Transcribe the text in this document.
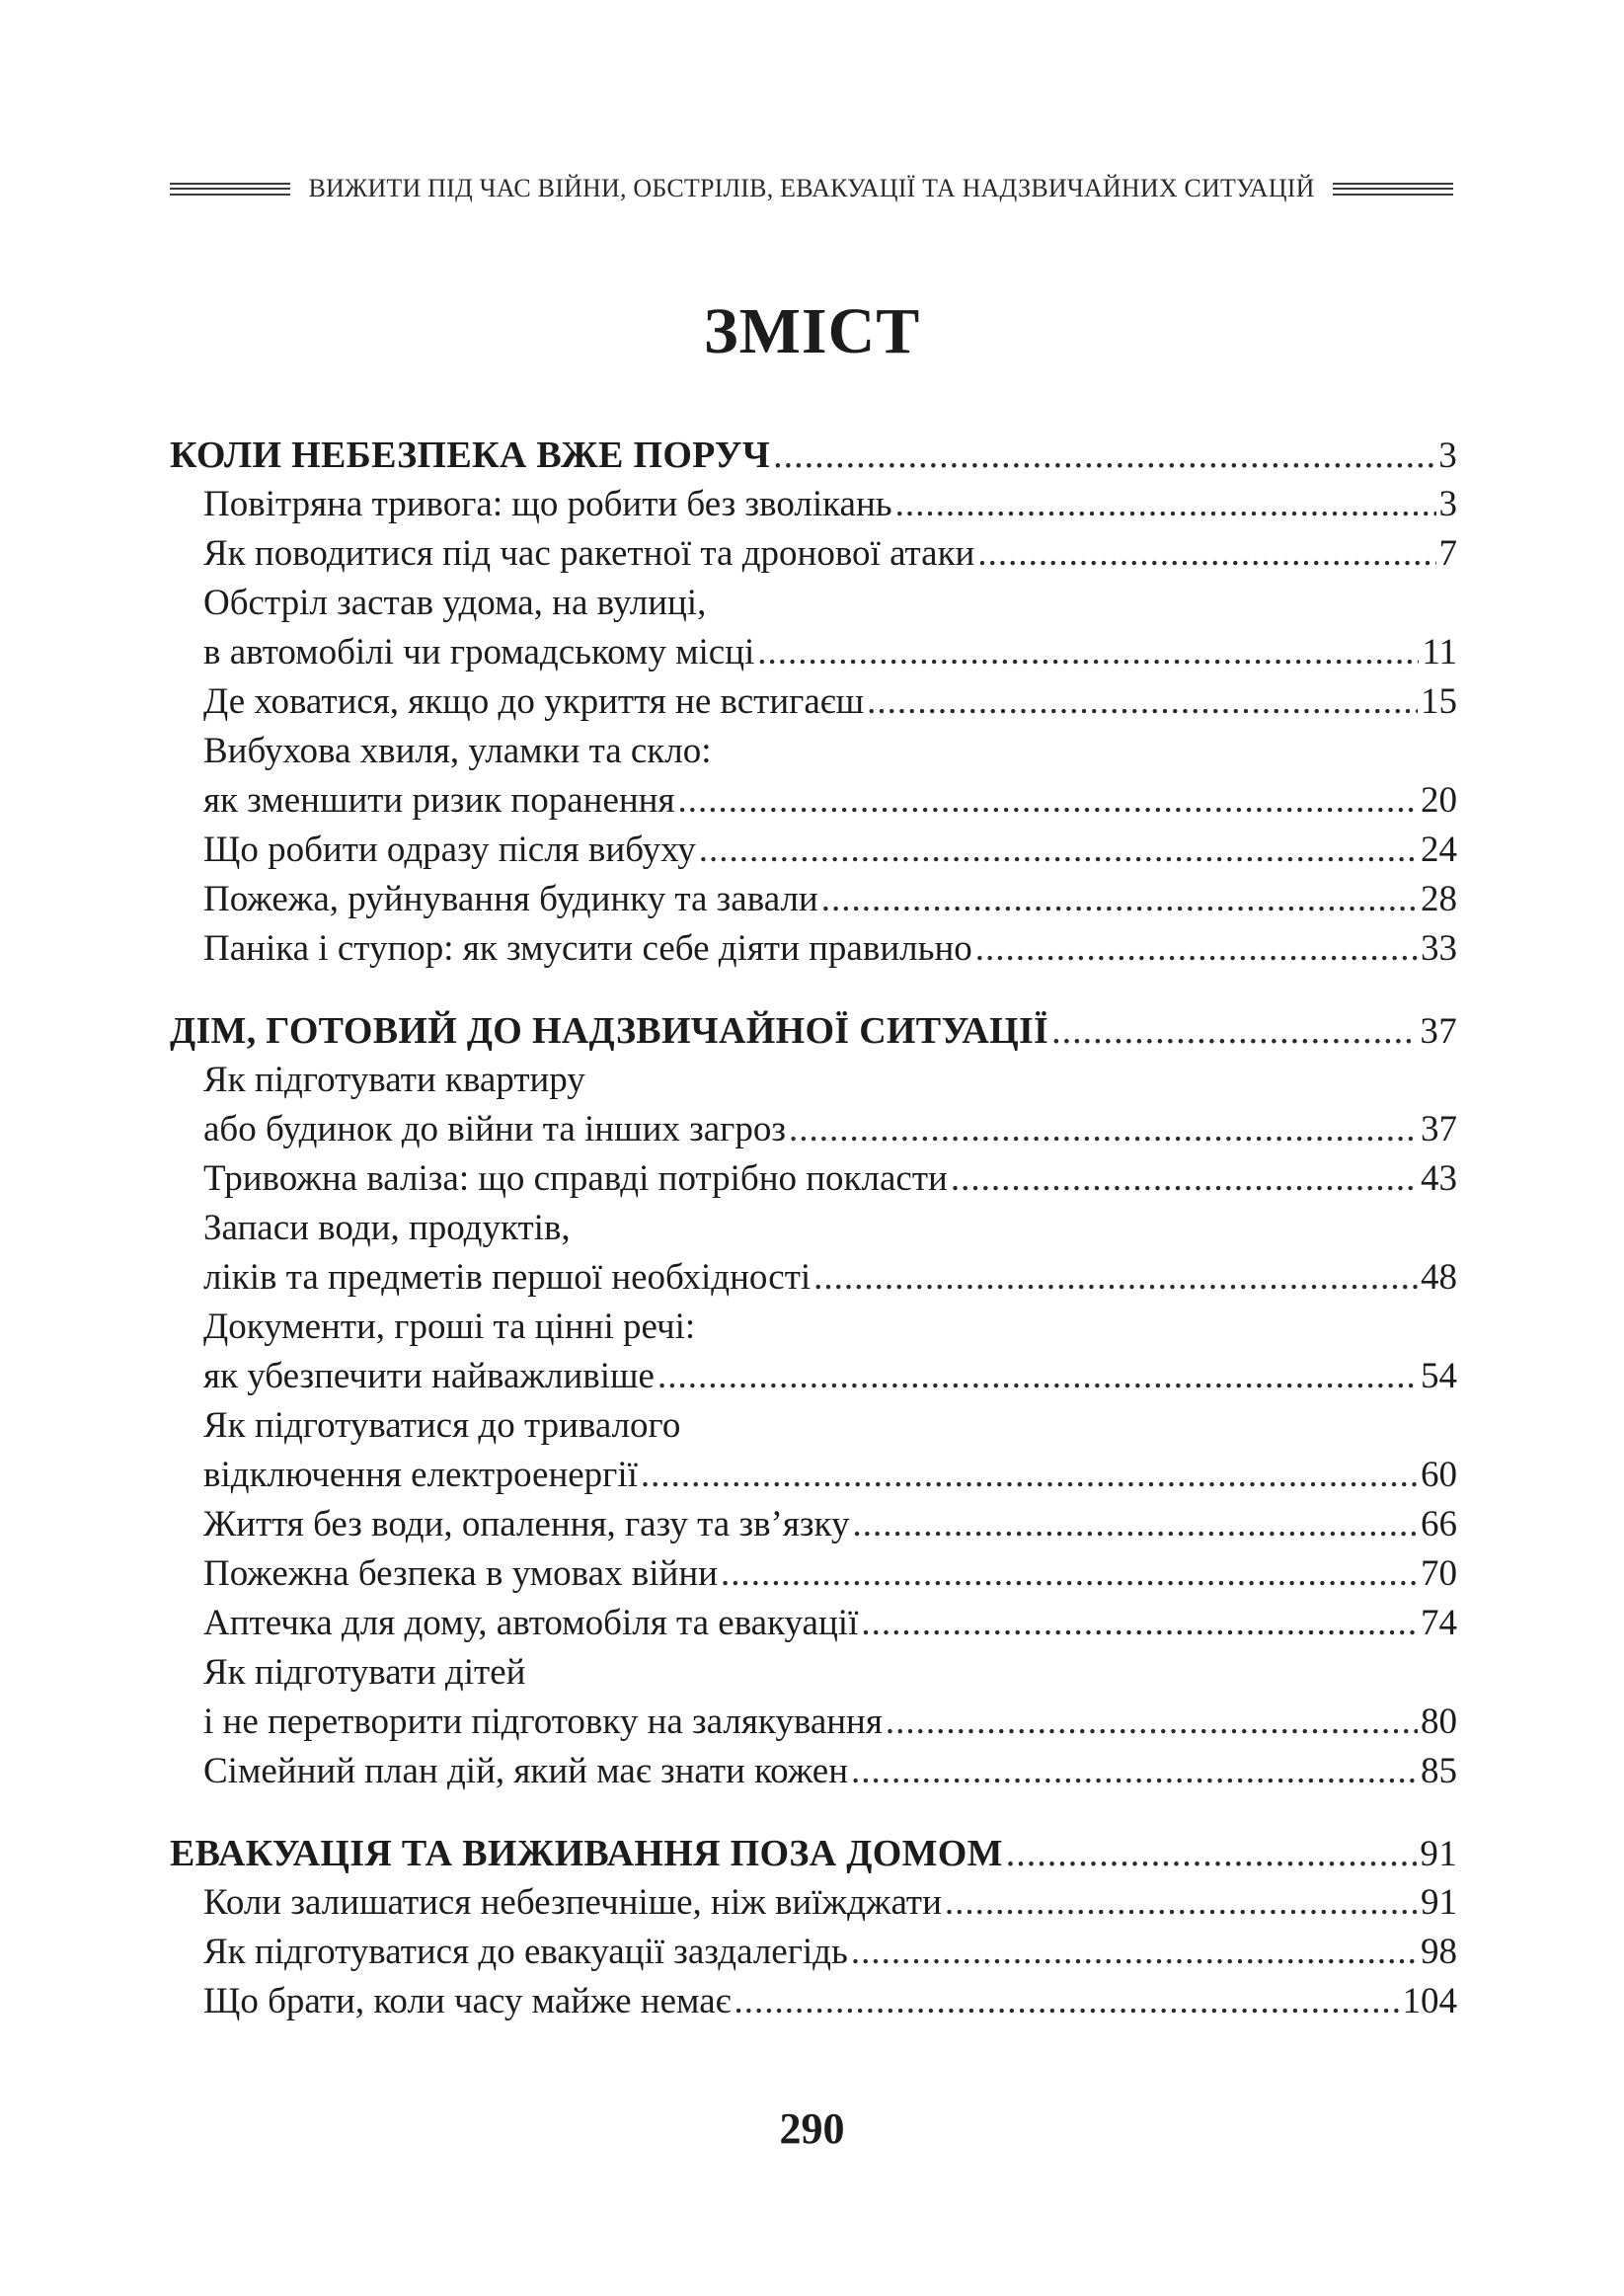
ВИЖИТИ ПІД ЧАС ВІЙНИ, ОБСТРІЛІВ, ЕВАКУАЦІЇ ТА НАДЗВИЧАЙНИХ СИТУАЦІЙ
ЗМІСТ
КОЛИ НЕБЕЗПЕКА ВЖЕ ПОРУЧ .....	3
Повітряна тривога: що робити без зволікань .....	3
Як поводитися під час ракетної та дронової атаки .....	7
Обстріл застав удома, на вулиці,
в автомобілі чи громадському місці .....	11
Де ховатися, якщо до укриття не встигаєш .....	15
Вибухова хвиля, уламки та скло:
як зменшити ризик поранення .....	20
Що робити одразу після вибуху .....	24
Пожежа, руйнування будинку та завали .....	28
Паніка і ступор: як змусити себе діяти правильно .....	33
ДІМ, ГОТОВИЙ ДО НАДЗВИЧАЙНОЇ СИТУАЦІЇ .....	37
Як підготувати квартиру
або будинок до війни та інших загроз .....	37
Тривожна валіза: що справді потрібно покласти .....	43
Запаси води, продуктів,
ліків та предметів першої необхідності .....	48
Документи, гроші та цінні речі:
як убезпечити найважливіше .....	54
Як підготуватися до тривалого
відключення електроенергії .....	60
Життя без води, опалення, газу та зв’язку .....	66
Пожежна безпека в умовах війни .....	70
Аптечка для дому, автомобіля та евакуації .....	74
Як підготувати дітей
і не перетворити підготовку на залякування .....	80
Сімейний план дій, який має знати кожен .....	85
ЕВАКУАЦІЯ ТА ВИЖИВАННЯ ПОЗА ДОМОМ .....	91
Коли залишатися небезпечніше, ніж виїжджати .....	91
Як підготуватися до евакуації заздалегідь .....	98
Що брати, коли часу майже немає .....	104
290
